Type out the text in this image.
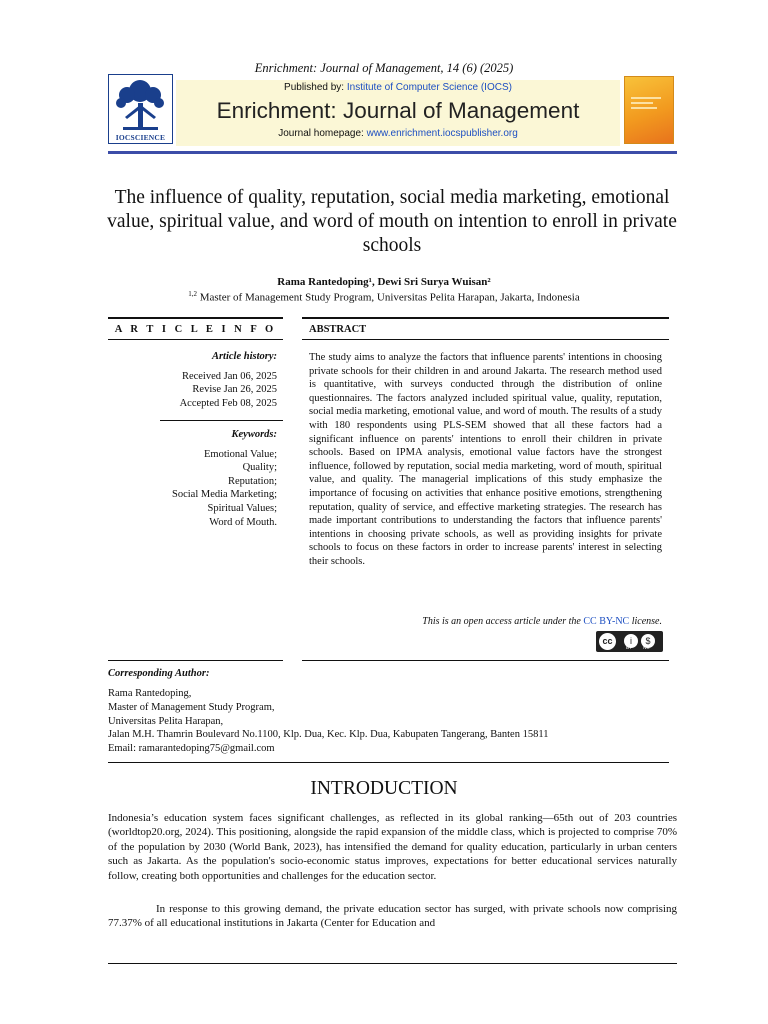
Enrichment: Journal of Management, 14 (6) (2025)
IOCSCIENCE
Published by: Institute of Computer Science (IOCS)
Enrichment: Journal of Management
Journal homepage: www.enrichment.iocspublisher.org
The influence of quality, reputation, social media marketing, emotional value, spiritual value, and word of mouth on intention to enroll in private schools
Rama Rantedoping¹, Dewi Sri Surya Wuisan²
$^{1,2}$ Master of Management Study Program, Universitas Pelita Harapan, Jakarta, Indonesia
A R T I C L E I N F O	ABSTRACT
Article history:
Received Jan 06, 2025
Revise Jan 26, 2025
Accepted Feb 08, 2025
Keywords:
Emotional Value;
Quality;
Reputation;
Social Media Marketing;
Spiritual Values;
Word of Mouth.
The study aims to analyze the factors that influence parents' intentions in choosing private schools for their children in and around Jakarta. The research method used is quantitative, with surveys conducted through the distribution of online questionnaires. The factors analyzed included spiritual value, quality, reputation, social media marketing, emotional value, and word of mouth. The results of a study with 180 respondents using PLS-SEM showed that all these factors had a significant influence on parents' intentions to enroll their children in private schools. Based on IPMA analysis, emotional value factors have the strongest influence, followed by reputation, social media marketing, word of mouth, spiritual value, and quality. The managerial implications of this study emphasize the importance of focusing on activities that enhance positive emotions, strengthening reputation, quality of service, and effective marketing strategies. The research has made important contributions to understanding the factors that influence parents' intentions in choosing private schools, as well as providing insights for private schools to focus on these factors in order to increase parents' interest in selecting their schools.
This is an open access article under the CC BY-NC license.
cc	i	$
BY NC
Corresponding Author:
Rama Rantedoping,
Master of Management Study Program,
Universitas Pelita Harapan,
Jalan M.H. Thamrin Boulevard No.1100, Klp. Dua, Kec. Klp. Dua, Kabupaten Tangerang, Banten 15811
Email: ramarantedoping75@gmail.com
INTRODUCTION
Indonesia’s education system faces significant challenges, as reflected in its global ranking—65th out of 203 countries (worldtop20.org, 2024). This positioning, alongside the rapid expansion of the middle class, which is projected to comprise 70% of the population by 2030 (World Bank, 2023), has intensified the demand for quality education, particularly in urban centers such as Jakarta. As the population's socio-economic status improves, expectations for better educational services naturally follow, creating both opportunities and challenges for the education sector.
In response to this growing demand, the private education sector has surged, with private schools now comprising 77.37% of all educational institutions in Jakarta (Center for Education and
